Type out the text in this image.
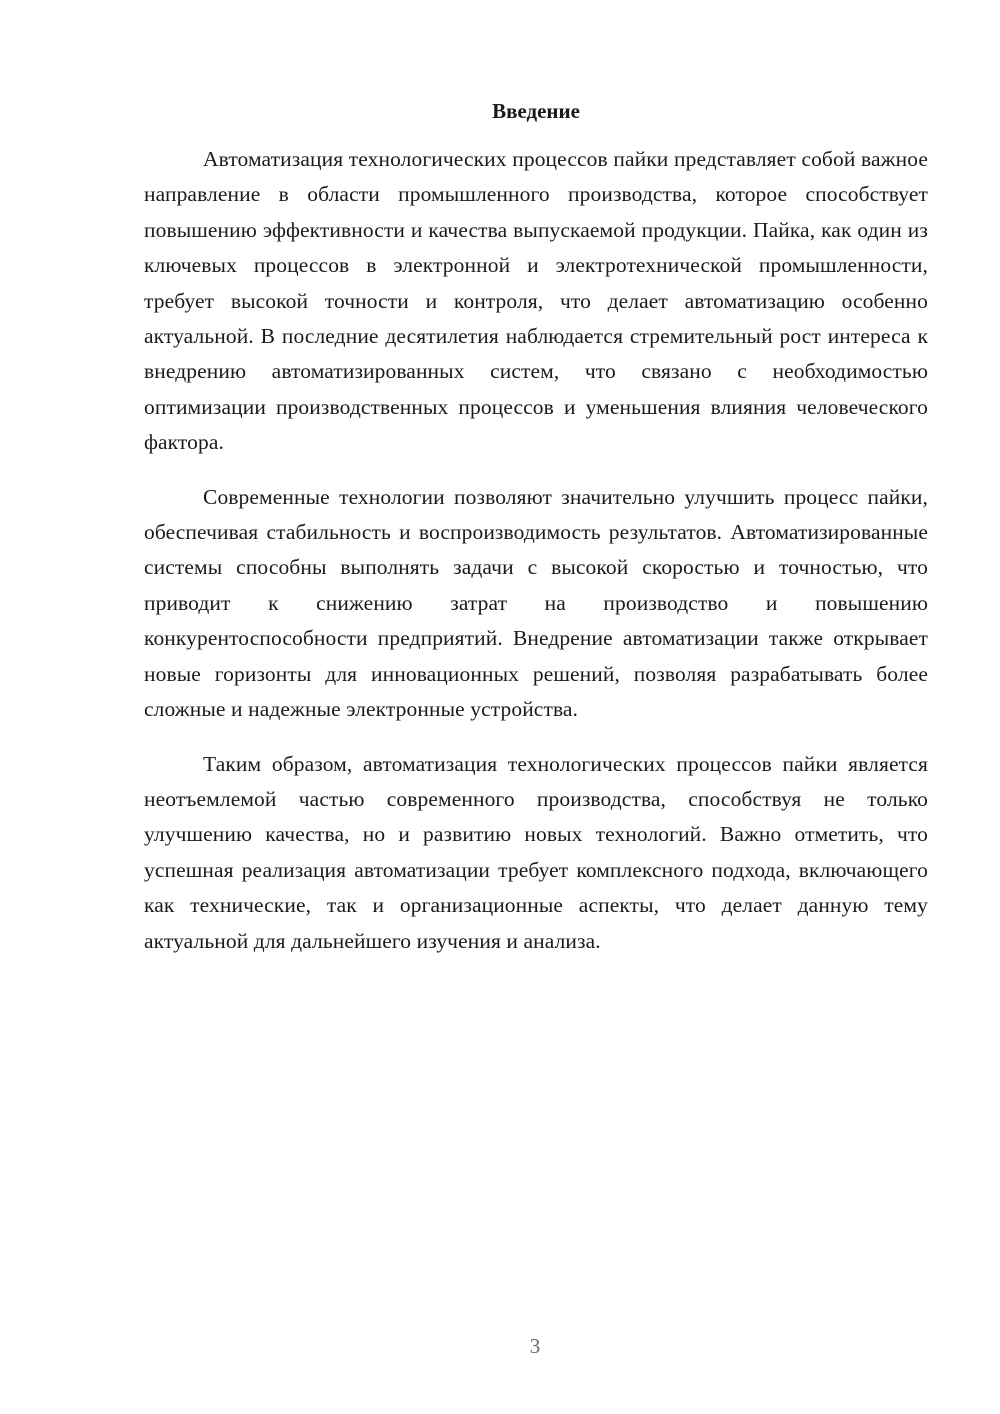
Введение

Автоматизация технологических процессов пайки представляет собой важное направление в области промышленного производства, которое способствует повышению эффективности и качества выпускаемой продукции. Пайка, как один из ключевых процессов в электронной и электротехнической промышленности, требует высокой точности и контроля, что делает автоматизацию особенно актуальной. В последние десятилетия наблюдается стремительный рост интереса к внедрению автоматизированных систем, что связано с необходимостью оптимизации производственных процессов и уменьшения влияния человеческого фактора.

Современные технологии позволяют значительно улучшить процесс пайки, обеспечивая стабильность и воспроизводимость результатов. Автоматизированные системы способны выполнять задачи с высокой скоростью и точностью, что приводит к снижению затрат на производство и повышению конкурентоспособности предприятий. Внедрение автоматизации также открывает новые горизонты для инновационных решений, позволяя разрабатывать более сложные и надежные электронные устройства.

Таким образом, автоматизация технологических процессов пайки является неотъемлемой частью современного производства, способствуя не только улучшению качества, но и развитию новых технологий. Важно отметить, что успешная реализация автоматизации требует комплексного подхода, включающего как технические, так и организационные аспекты, что делает данную тему актуальной для дальнейшего изучения и анализа.

3
